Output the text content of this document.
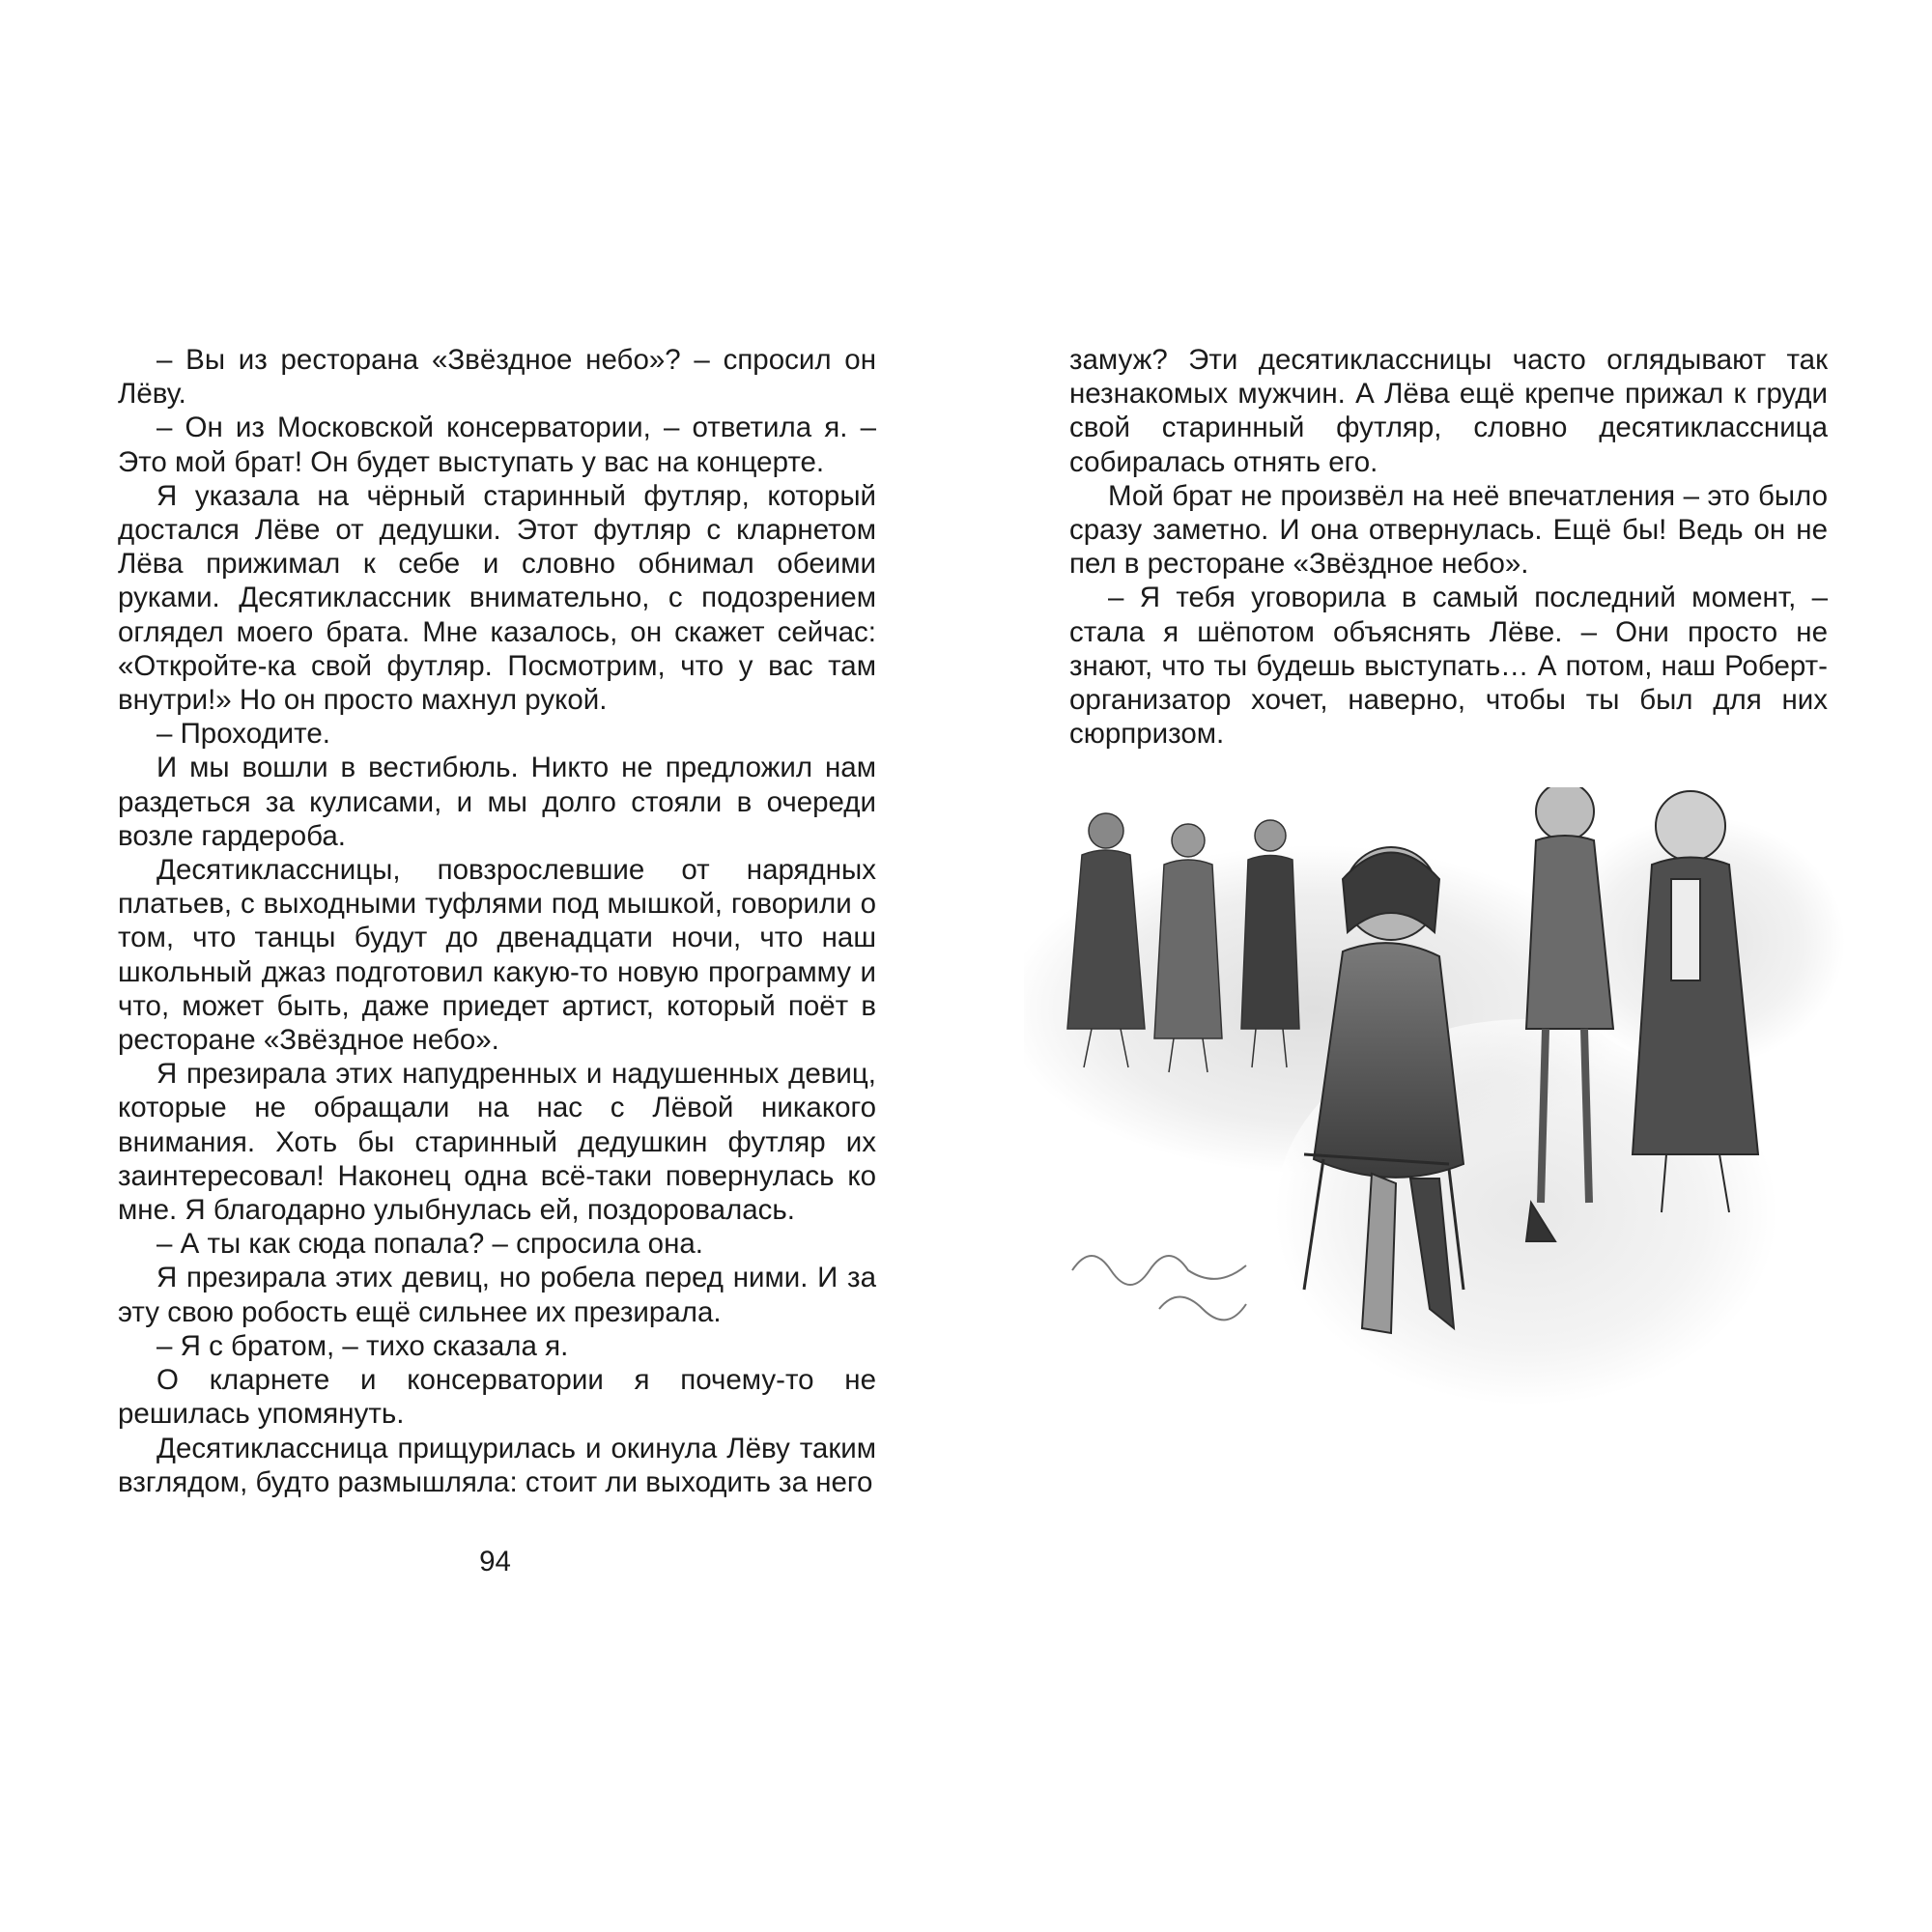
– Вы из ресторана «Звёздное небо»? – спросил он Лёву.

– Он из Московской консерватории, – ответила я. – Это мой брат! Он будет выступать у вас на концерте.

Я указала на чёрный старинный футляр, который достался Лёве от дедушки. Этот футляр с кларнетом Лёва прижимал к себе и словно обнимал обеими руками. Десятиклассник внимательно, с подозрением оглядел моего брата. Мне казалось, он скажет сейчас: «Откройте-ка свой футляр. Посмотрим, что у вас там внутри!» Но он просто махнул рукой.

– Проходите.

И мы вошли в вестибюль. Никто не предложил нам раздеться за кулисами, и мы долго стояли в очереди возле гардероба.

Десятиклассницы, повзрослевшие от нарядных платьев, с выходными туфлями под мышкой, говорили о том, что танцы будут до двенадцати ночи, что наш школьный джаз подготовил какую-то новую программу и что, может быть, даже приедет артист, который поёт в ресторане «Звёздное небо».

Я презирала этих напудренных и надушенных девиц, которые не обращали на нас с Лёвой никакого внимания. Хоть бы старинный дедушкин футляр их заинтересовал! Наконец одна всё-таки повернулась ко мне. Я благодарно улыбнулась ей, поздоровалась.

– А ты как сюда попала? – спросила она.

Я презирала этих девиц, но робела перед ними. И за эту свою робость ещё сильнее их презирала.

– Я с братом, – тихо сказала я.

О кларнете и консерватории я почему-то не решилась упомянуть.

Десятиклассница прищурилась и окинула Лёву таким взглядом, будто размышляла: стоит ли выходить за него

замуж? Эти десятиклассницы часто оглядывают так незнакомых мужчин. А Лёва ещё крепче прижал к груди свой старинный футляр, словно десятиклассница собиралась отнять его.

Мой брат не произвёл на неё впечатления – это было сразу заметно. И она отвернулась. Ещё бы! Ведь он не пел в ресторане «Звёздное небо».

– Я тебя уговорила в самый последний момент, – стала я шёпотом объяснять Лёве. – Они просто не знают, что ты будешь выступать… А потом, наш Роберт-организатор хочет, наверно, чтобы ты был для них сюрпризом.

94
